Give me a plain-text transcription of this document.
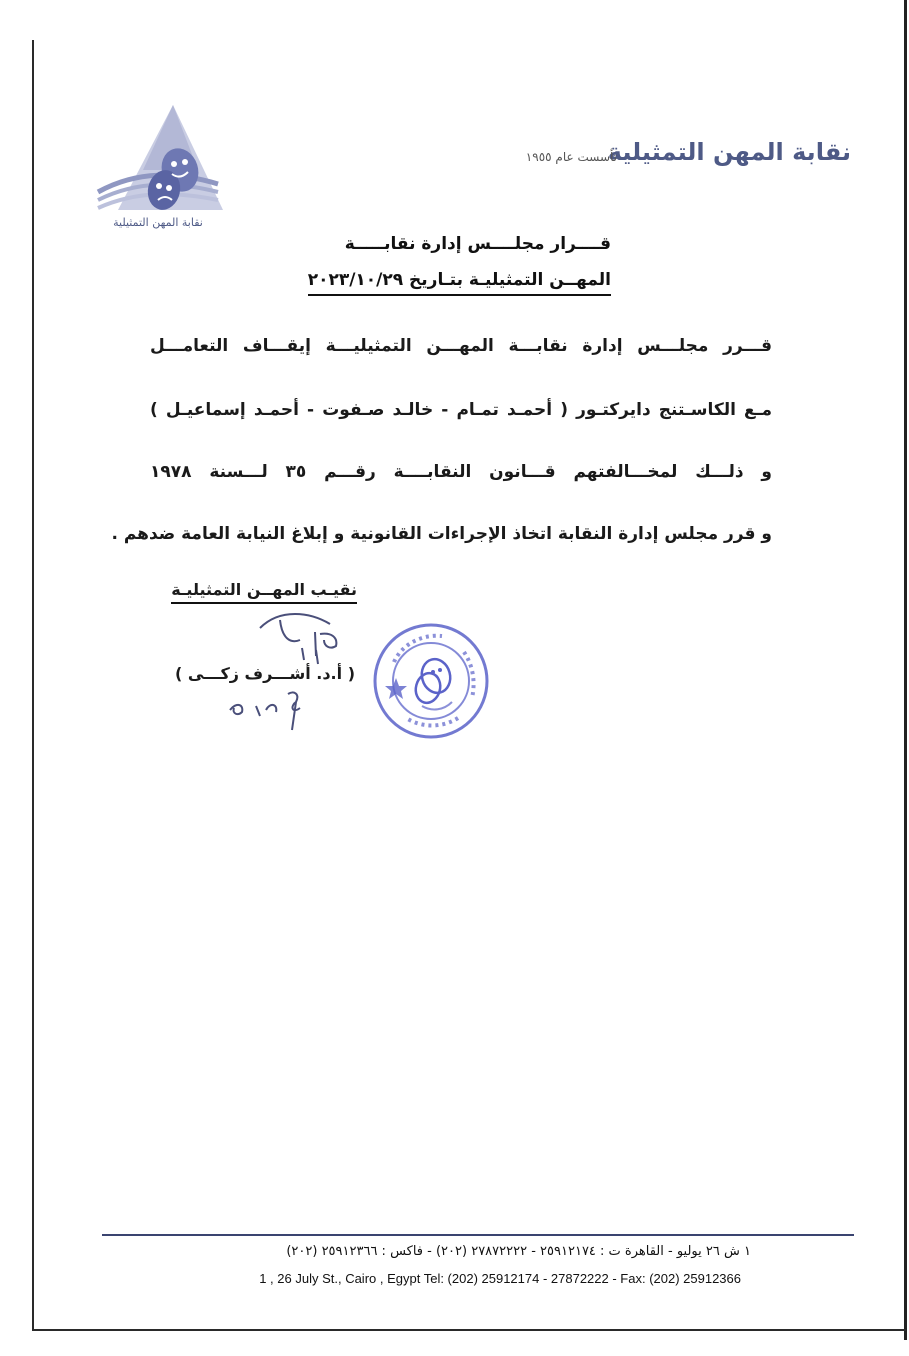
نقابة المهن التمثيلية
نقابة المهن التمثيلية
تأسست عام ١٩٥٥
قــــرار مجلــــس إدارة نقابـــــة
المهــن التمثيليـة بتـاريخ ٢٠٢٣/١٠/٢٩
قـــرر مجلـــس إدارة نقابـــة المهـــن التمثيليـــة إيقـــاف التعامـــل
مـع الكاسـتنج دايركتـور ( أحمـد تمـام - خالـد صـفوت - أحمـد إسماعيـل )
و ذلـــك لمخـــالفتهم قـــانون النقابــــة رقـــم ٣٥ لـــسنة ١٩٧٨
و قرر مجلس إدارة النقابة اتخاذ الإجراءات القانونية و إبلاغ النيابة العامة ضدهم .
نقيـب المهــن التمثيليـة
( أ.د. أشـــرف زكـــى )
١ ش ٢٦ يوليو - القاهرة ت : ٢٥٩١٢١٧٤ - ٢٧٨٧٢٢٢٢ (٢٠٢) - فاكس : ٢٥٩١٢٣٦٦ (٢٠٢)
1 , 26 July St., Cairo , Egypt Tel: (202) 25912174 - 27872222 - Fax: (202) 25912366
